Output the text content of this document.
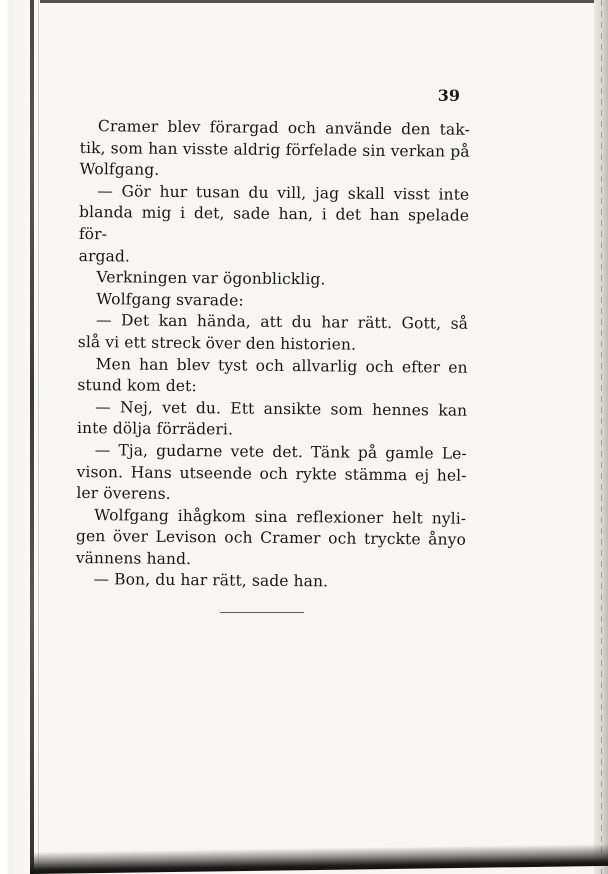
39
Cramer blev förargad och använde den tak-
tik, som han visste aldrig förfelade sin verkan på
Wolfgang.
— Gör hur tusan du vill, jag skall visst inte
blanda mig i det, sade han, i det han spelade för-
argad.
Verkningen var ögonblicklig.
Wolfgang svarade:
— Det kan hända, att du har rätt. Gott, så
slå vi ett streck över den historien.
Men han blev tyst och allvarlig och efter en
stund kom det:
— Nej, vet du. Ett ansikte som hennes kan
inte dölja förräderi.
— Tja, gudarne vete det. Tänk på gamle Le-
vison. Hans utseende och rykte stämma ej hel-
ler överens.
Wolfgang ihågkom sina reflexioner helt nyli-
gen över Levison och Cramer och tryckte ånyo
vännens hand.
— Bon, du har rätt, sade han.
